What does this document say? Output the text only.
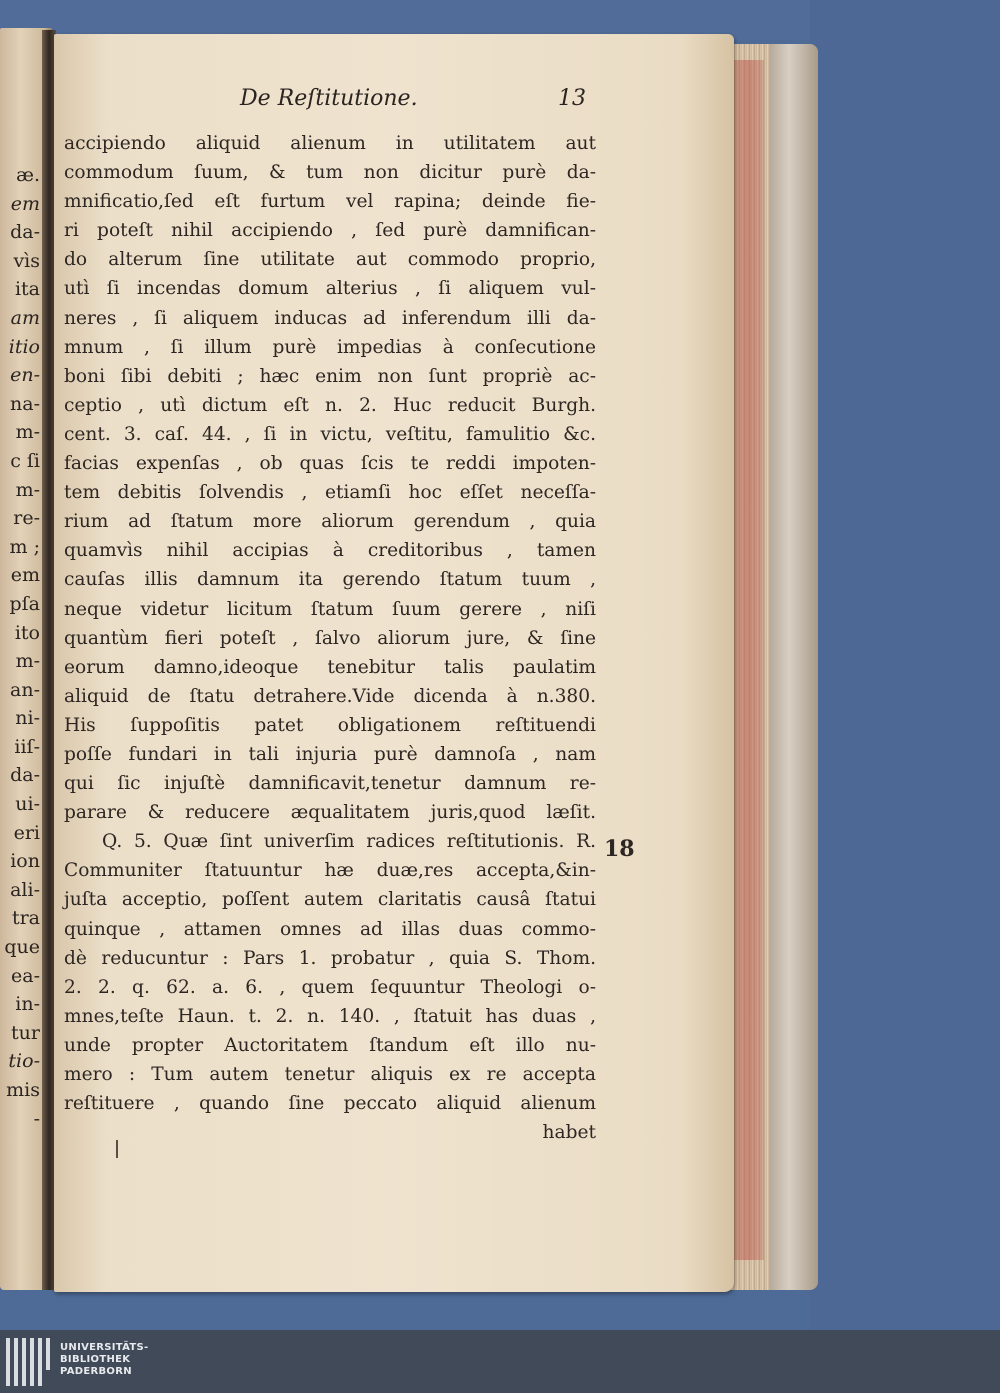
æ.
em
da-
vìs
ita
am
itio
en-
na-
m-
c ſi
m-
re-
m ;
em
pſa
ito
m-
an-
ni-
iiſ-
da-
ui-
eri
ion
ali-
tra
que
ea-
in-
tur
tio-
mis
-
De Reſtitutione.	13
accipiendo aliquid alienum in utilitatem aut
commodum ſuum, & tum non dicitur purè da-
mnificatio,ſed eſt furtum vel rapina; deinde fie-
ri poteſt nihil accipiendo , ſed purè damnifican-
do alterum ſine utilitate aut commodo proprio,
utì ſi incendas domum alterius , ſi aliquem vul-
neres , ſi aliquem inducas ad inferendum illi da-
mnum , ſi illum purè impedias à conſecutione
boni ſibi debiti ; hæc enim non ſunt propriè ac-
ceptio , utì dictum eſt n. 2. Huc reducit Burgh.
cent. 3. caſ. 44. , ſi in victu, veſtitu, famulitio &c.
facias expenſas , ob quas ſcis te reddi impoten-
tem debitis ſolvendis , etiamſi hoc eſſet neceſſa-
rium ad ſtatum more aliorum gerendum , quia
quamvìs nihil accipias à creditoribus , tamen
cauſas illis damnum ita gerendo ſtatum tuum ,
neque videtur licitum ſtatum ſuum gerere , niſi
quantùm fieri poteſt , ſalvo aliorum jure, & ſine
eorum damno,ideoque tenebitur talis paulatim
aliquid de ſtatu detrahere.Vide dicenda à n.380.
His ſuppoſitis patet obligationem reſtituendi
poſſe fundari in tali injuria purè damnoſa , nam
qui ſic injuſtè damnificavit,tenetur damnum re-
parare & reducere æqualitatem juris,quod læſit.
Q. 5. Quæ ſint univerſim radices reſtitutionis. R.
Communiter ſtatuuntur hæ duæ,res accepta,&in-
juſta acceptio, poſſent autem claritatis causâ ſtatui
quinque , attamen omnes ad illas duas commo-
dè reducuntur : Pars 1. probatur , quia S. Thom.
2. 2. q. 62. a. 6. , quem ſequuntur Theologi o-
mnes,teſte Haun. t. 2. n. 140. , ſtatuit has duas ,
unde propter Auctoritatem ſtandum eſt illo nu-
mero : Tum autem tenetur aliquis ex re accepta
reſtituere , quando ſine peccato aliquid alienum
habet
18
UNIVERSITÄTS-
BIBLIOTHEK
PADERBORN
